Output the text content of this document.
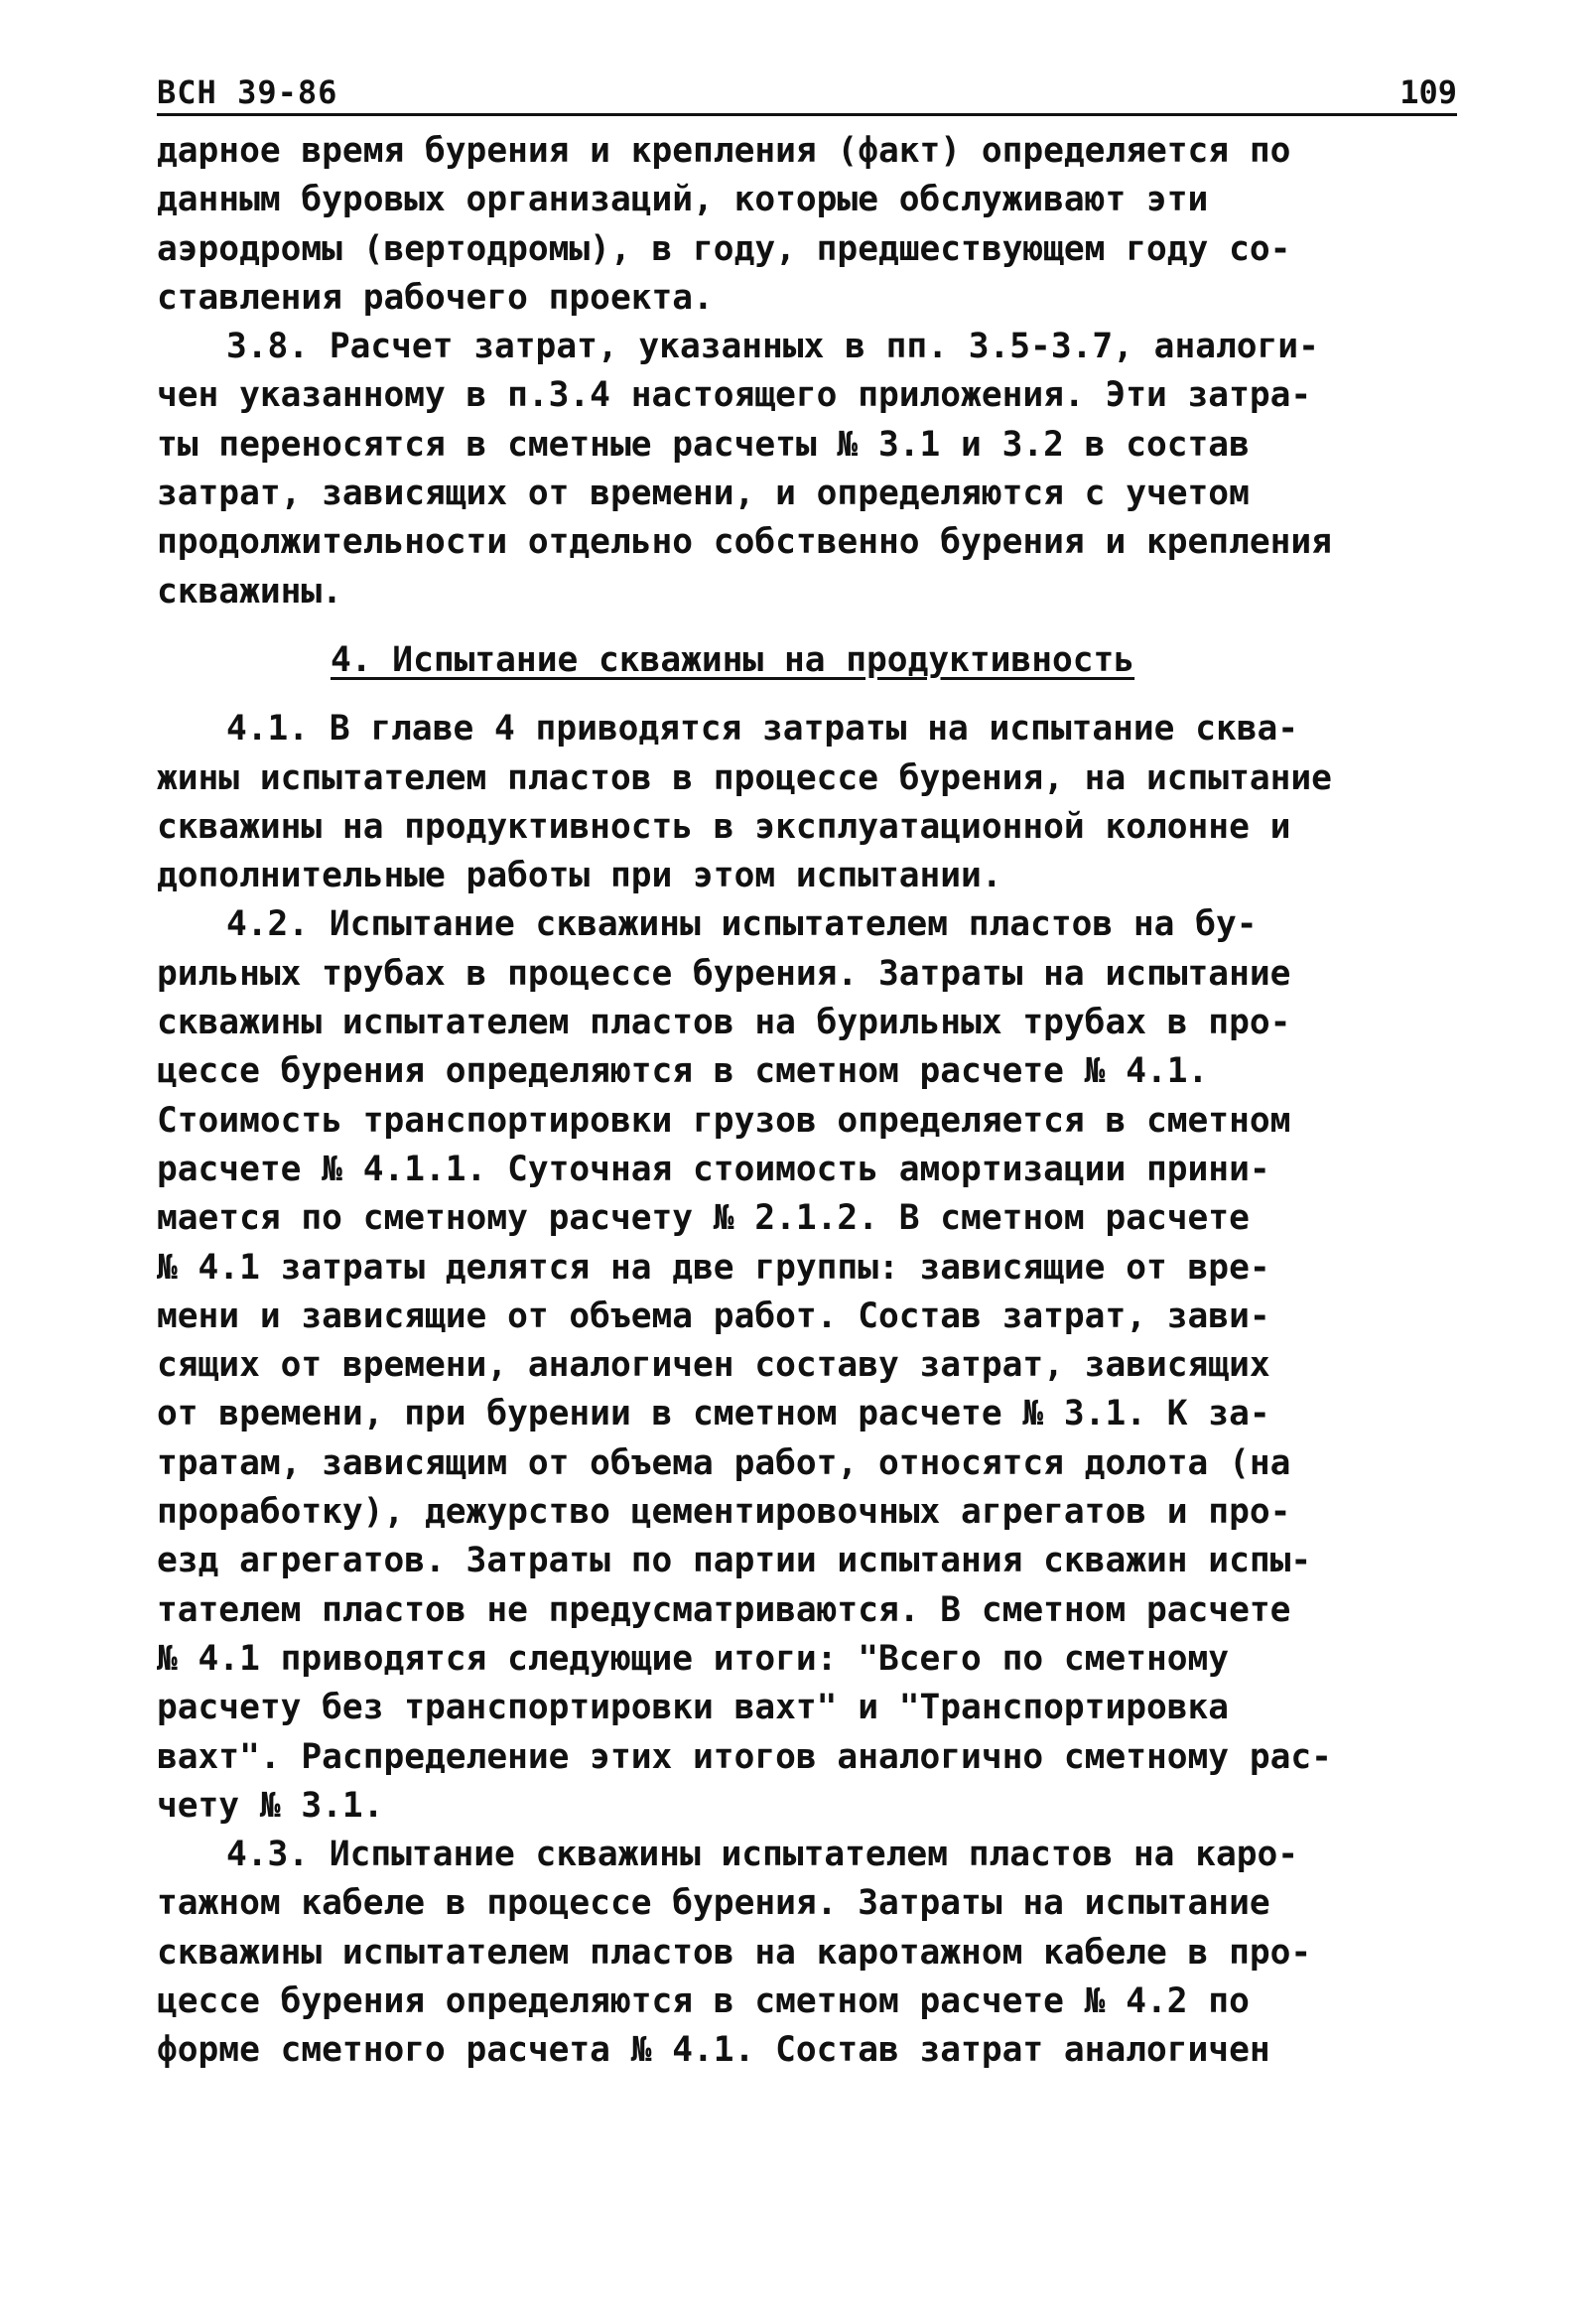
ВСН 39-86	109
дарное время бурения и крепления (факт) определяется по
данным буровых организаций, которые обслуживают эти
аэродромы (вертодромы), в году, предшествующем году со-
ставления рабочего проекта.
3.8. Расчет затрат, указанных в пп. 3.5-3.7, аналоги-
чен указанному в п.3.4 настоящего приложения. Эти затра-
ты переносятся в сметные расчеты № 3.1 и 3.2 в состав
затрат, зависящих от времени, и определяются с учетом
продолжительности отдельно собственно бурения и крепления
скважины.
4. Испытание скважины на продуктивность
4.1. В главе 4 приводятся затраты на испытание сква-
жины испытателем пластов в процессе бурения, на испытание
скважины на продуктивность в эксплуатационной колонне и
дополнительные работы при этом испытании.
4.2. Испытание скважины испытателем пластов на бу-
рильных трубах в процессе бурения. Затраты на испытание
скважины испытателем пластов на бурильных трубах в про-
цессе бурения определяются в сметном расчете № 4.1.
Стоимость транспортировки грузов определяется в сметном
расчете № 4.1.1. Суточная стоимость амортизации прини-
мается по сметному расчету № 2.1.2. В сметном расчете
№ 4.1 затраты делятся на две группы: зависящие от вре-
мени и зависящие от объема работ. Состав затрат, зави-
сящих от времени, аналогичен составу затрат, зависящих
от времени, при бурении в сметном расчете № 3.1. К за-
тратам, зависящим от объема работ, относятся долота (на
проработку), дежурство цементировочных агрегатов и про-
езд агрегатов. Затраты по партии испытания скважин испы-
тателем пластов не предусматриваются. В сметном расчете
№ 4.1 приводятся следующие итоги: "Всего по сметному
расчету без транспортировки вахт" и "Транспортировка
вахт". Распределение этих итогов аналогично сметному рас-
чету № 3.1.
4.3. Испытание скважины испытателем пластов на каро-
тажном кабеле в процессе бурения. Затраты на испытание
скважины испытателем пластов на каротажном кабеле в про-
цессе бурения определяются в сметном расчете № 4.2 по
форме сметного расчета № 4.1. Состав затрат аналогичен
